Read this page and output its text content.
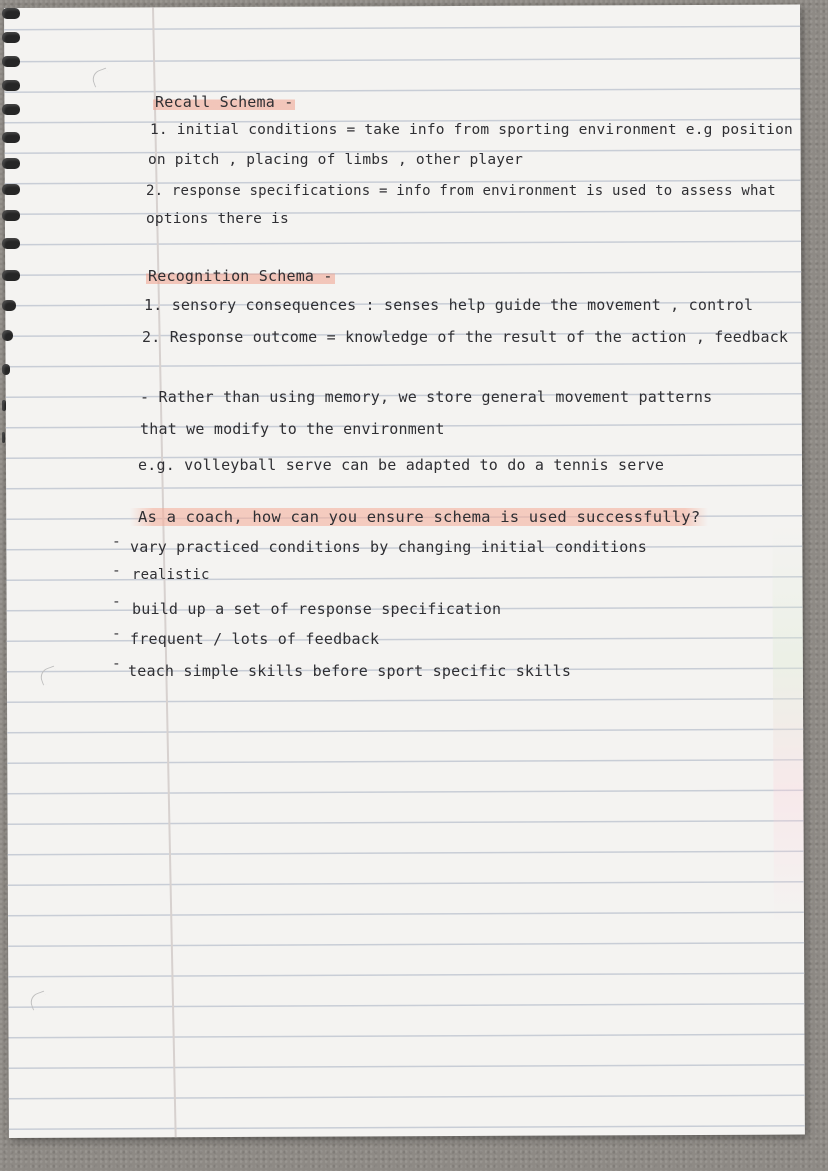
Recall Schema -
1. initial conditions = take info from sporting environment e.g position
on pitch , placing of limbs , other player
2. response specifications = info from environment is used to assess what
options there is
Recognition Schema -
1. sensory consequences : senses help guide the movement , control
2. Response outcome = knowledge of the result of the action , feedback
- Rather than using memory, we store general movement patterns
that we modify to the environment
e.g. volleyball serve can be adapted to do a tennis serve
As a coach, how can you ensure schema is used successfully?
- vary practiced conditions by changing initial conditions
- realistic
- build up a set of response specification
- frequent / lots of feedback
- teach simple skills before sport specific skills
